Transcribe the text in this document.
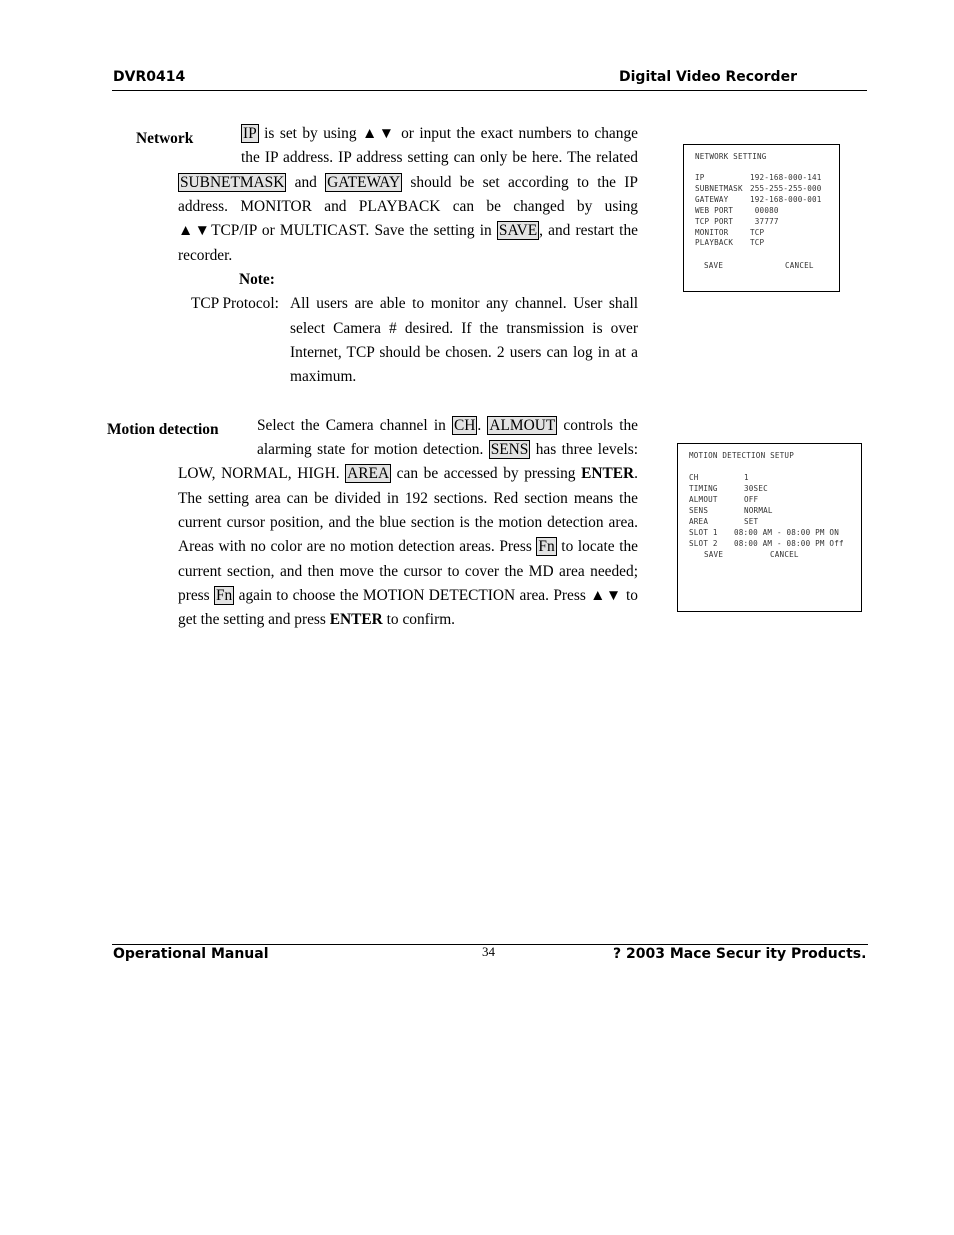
DVR0414	Digital Video Recorder
Network	IP is set by using ▲▼ or input the exact numbers to change
the IP address. IP address setting can only be here. The related
SUBNETMASK and GATEWAY should be set according to the IP
address. MONITOR and PLAYBACK can be changed by using
▲▼TCP/IP or MULTICAST. Save the setting in SAVE , and restart the
recorder.
Note:
TCP Protocol: All users are able to monitor any channel. User shall
select Camera # desired. If the transmission is over
Internet, TCP should be chosen. 2 users can log in at a
maximum.
NETWORK SETTING
IP	192-168-000-141
SUBNETMASK 255-255-255-000
GATEWAY	192-168-000-001
WEB PORT 00080
TCP PORT 37777
MONITOR	TCP
PLAYBACK TCP
SAVE	CANCEL
Motion detection Select the Camera channel in CH . ALMOUT controls the
alarming state for motion detection. SENS has three levels:
LOW, NORMAL, HIGH. AREA can be accessed by pressing ENTER.
The setting area can be divided in 192 sections. Red section means the
current cursor position, and the blue section is the motion detection area.
Areas with no color are no motion detection areas. Press Fn to locate the
current section, and then move the cursor to cover the MD area needed;
press Fn again to choose the MOTION DETECTION area. Press ▲▼ to
get the setting and press ENTER to confirm.
MOTION DETECTION SETUP
CH	1
TIMING	30SEC
ALMOUT	OFF
SENS	NORMAL
AREA	SET
SLOT 1 08:00 AM - 08:00 PM ON
SLOT 2 08:00 AM - 08:00 PM Off
SAVE	CANCEL
Operational Manual	34	? 2003 Mace Secur ity Products.
